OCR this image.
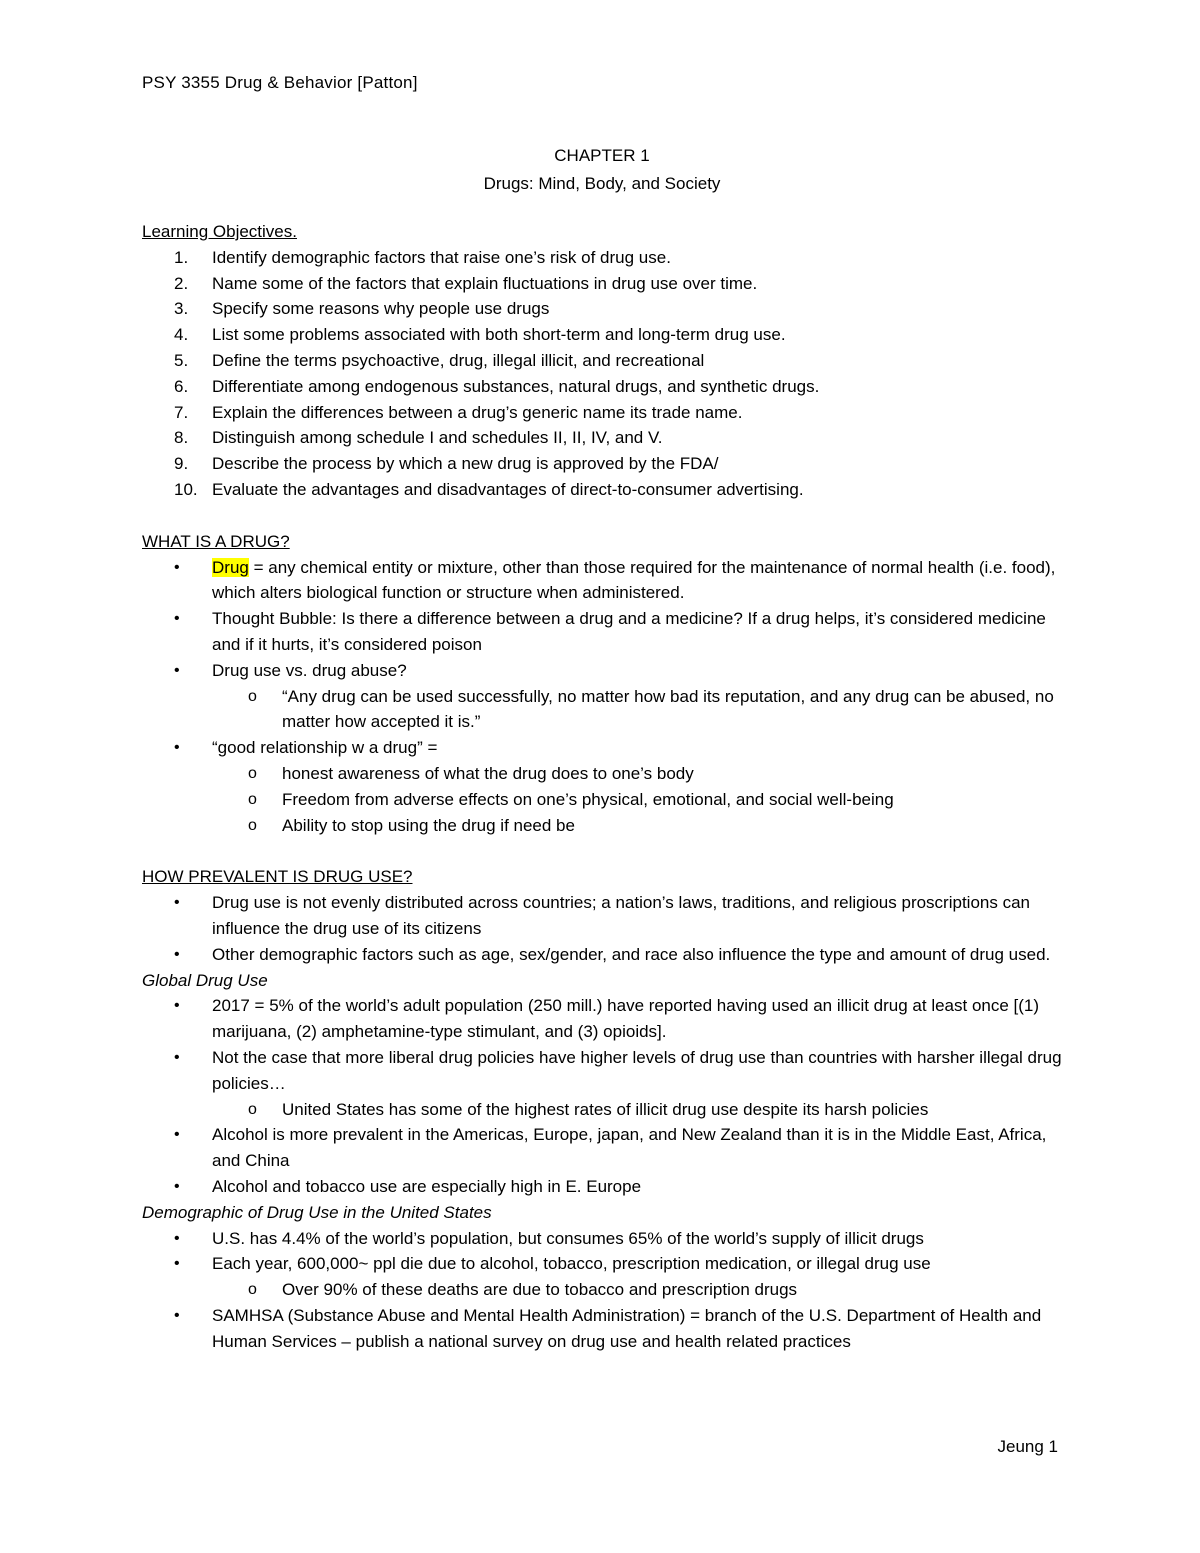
PSY 3355 Drug & Behavior [Patton]

CHAPTER 1

Drugs: Mind, Body, and Society

Learning Objectives.

1.	Identify demographic factors that raise one’s risk of drug use.
2.	Name some of the factors that explain fluctuations in drug use over time.
3.	Specify some reasons why people use drugs
4.	List some problems associated with both short-term and long-term drug use.
5.	Define the terms psychoactive, drug, illegal illicit, and recreational
6.	Differentiate among endogenous substances, natural drugs, and synthetic drugs.
7.	Explain the differences between a drug’s generic name its trade name.
8.	Distinguish among schedule I and schedules II, II, IV, and V.
9.	Describe the process by which a new drug is approved by the FDA/
10. Evaluate the advantages and disadvantages of direct-to-consumer advertising.

WHAT IS A DRUG?

• Drug = any chemical entity or mixture, other than those required for the maintenance of normal health (i.e. food), which alters biological function or structure when administered.
• Thought Bubble: Is there a difference between a drug and a medicine? If a drug helps, it’s considered medicine and if it hurts, it’s considered poison
• Drug use vs. drug abuse?
o “Any drug can be used successfully, no matter how bad its reputation, and any drug can be abused, no matter how accepted it is.”
• “good relationship w a drug” =
o honest awareness of what the drug does to one’s body
o Freedom from adverse effects on one’s physical, emotional, and social well-being
o Ability to stop using the drug if need be

HOW PREVALENT IS DRUG USE?

• Drug use is not evenly distributed across countries; a nation’s laws, traditions, and religious proscriptions can influence the drug use of its citizens
• Other demographic factors such as age, sex/gender, and race also influence the type and amount of drug used.

Global Drug Use

• 2017 = 5% of the world’s adult population (250 mill.) have reported having used an illicit drug at least once [(1) marijuana, (2) amphetamine-type stimulant, and (3) opioids].
• Not the case that more liberal drug policies have higher levels of drug use than countries with harsher illegal drug policies…
o United States has some of the highest rates of illicit drug use despite its harsh policies
• Alcohol is more prevalent in the Americas, Europe, japan, and New Zealand than it is in the Middle East, Africa, and China
• Alcohol and tobacco use are especially high in E. Europe

Demographic of Drug Use in the United States

• U.S. has 4.4% of the world’s population, but consumes 65% of the world’s supply of illicit drugs
• Each year, 600,000~ ppl die due to alcohol, tobacco, prescription medication, or illegal drug use
o Over 90% of these deaths are due to tobacco and prescription drugs
• SAMHSA (Substance Abuse and Mental Health Administration) = branch of the U.S. Department of Health and Human Services – publish a national survey on drug use and health related practices
Jeung 1
